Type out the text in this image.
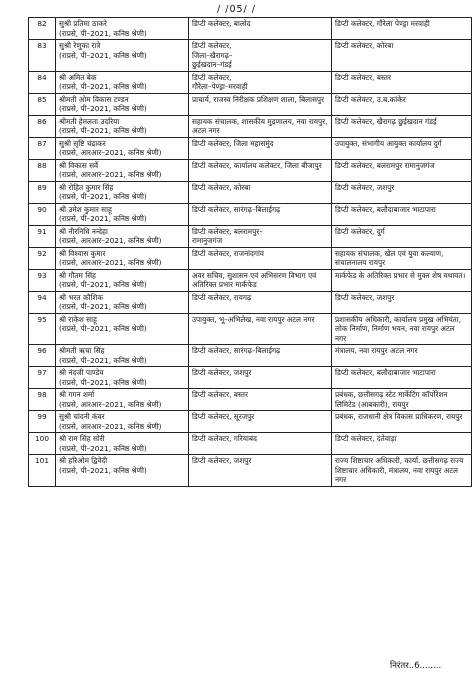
/ /05/ /
82	सुश्री प्रतिमा ठाकरे
(राप्रसे, पी–2021, कनिष्ठ श्रेणी)	डिप्टी कलेक्टर, बालोद	डिप्टी कलेक्टर, गौरेला पेण्ड्रा मरवाही
83	सुश्री रेणुका रात्रे
(राप्रसे, पी–2021, कनिष्ठ श्रेणी)	डिप्टी कलेक्टर,
जिला–खैरागढ़–
छुईखदान–गंडई	डिप्टी कलेक्टर, कोरबा
84	श्री अमित बेक
(राप्रसे, पी–2021, कनिष्ठ श्रेणी)	डिप्टी कलेक्टर,
गौरेला–पेण्ड्रा–मरवाही	डिप्टी कलेक्टर, बस्तर
85	श्रीमती ओम विकास टण्डन
(राप्रसे, पी–2021, कनिष्ठ श्रेणी)	प्राचार्य, राजस्व निरीक्षक प्रशिक्षण शाला, बिलासपुर	डिप्टी कलेक्टर, उ.ब.कांकेर
86	श्रीमती हेमलता उदरिया
(राप्रसे, पी–2021, कनिष्ठ श्रेणी)	सहायक संचालक, शासकीय मुद्रणालय, नवा रायपुर, अटल नगर	डिप्टी कलेक्टर, खैरागढ़ छुईखदान गंडई
87	सुश्री सृष्टि चंद्राकर
(राप्रसे, आरआर–2021, कनिष्ठ श्रेणी)	डिप्टी कलेक्टर, जिला महासमुंद	उपायुक्त, संभागीय आयुक्त कार्यालय दुर्ग
88	श्री विकास सर्वे
(राप्रसे, आरआर–2021, कनिष्ठ श्रेणी)	डिप्टी कलेक्टर, कार्यालय कलेक्टर, जिला बीजापुर	डिप्टी कलेक्टर, बलरामपुर रामानुजगंज
89	श्री रोहित कुमार सिंह
(राप्रसे, पी–2021, कनिष्ठ श्रेणी)	डिप्टी कलेक्टर, कोरबा	डिप्टी कलेक्टर, जशपुर
90	श्री उमेश कुमार साहू
(राप्रसे, पी–2021, कनिष्ठ श्रेणी)	डिप्टी कलेक्टर, सारंगढ़–बिलाईगढ़	डिप्टी कलेक्टर, बलौदाबाजार भाटापारा
91	श्री नीरनिधि नन्देहा
(राप्रसे, आरआर–2021, कनिष्ठ श्रेणी)	डिप्टी कलेक्टर, बलरामपुर–
रामानुजगंज	डिप्टी कलेक्टर, दुर्ग
92	श्री विश्वास कुमार
(राप्रसे, आरआर–2021, कनिष्ठ श्रेणी)	डिप्टी कलेक्टर, राजनांदगांव	सहायक संचालक, खेल एवं युवा कल्याण, संचालनालय रायपुर
93	श्री गौतम सिंह
(राप्रसे, पी–2021, कनिष्ठ श्रेणी)	अवर सचिव, सुशासन एवं अभिसरण विभाग एवं अतिरिक्त प्रभार मार्कफेड	मार्कफेड के अतिरिक्त प्रभार से मुक्त शेष यथावत।
94	श्री भरत कौशिक
(राप्रसे, पी–2021, कनिष्ठ श्रेणी)	डिप्टी कलेक्टर, रायगढ़	डिप्टी कलेक्टर, जशपुर
95	श्री राकेश साहू
(राप्रसे, पी–2021, कनिष्ठ श्रेणी)	उपायुक्त, भू–अभिलेख, नवा रायपुर अटल नगर	प्रशासकीय अधिकारी, कार्यालय प्रमुख अभियंता, लोक निर्माण, निर्माण भवन, नवा रायपुर अटल नगर
96	श्रीमती ऋचा सिंह
(राप्रसे, पी–2021, कनिष्ठ श्रेणी)	डिप्टी कलेक्टर, सारंगढ़–बिलाईगढ़	मंत्रालय, नवा रायपुर अटल नगर
97	श्री नंदजी पाण्डेय
(राप्रसे, पी–2021, कनिष्ठ श्रेणी)	डिप्टी कलेक्टर, जशपुर	डिप्टी कलेक्टर, बलौदाबाजार भाटापारा
98	श्री गगन शर्मा
(राप्रसे, आरआर–2021, कनिष्ठ श्रेणी)	डिप्टी कलेक्टर, बस्तर	प्रबंधक, छत्तीसगढ़ स्टेट मार्केटिंग कॉर्पोरेशन लिमिटेड (आबकारी), रायपुर
99	सुश्री चांदनी कंवर
(राप्रसे, आरआर–2021, कनिष्ठ श्रेणी)	डिप्टी कलेक्टर, सूरजपुर	प्रबंधक, राजधानी क्षेत्र विकास प्राधिकरण, रायपुर
100	श्री राम सिंह सोरी
(राप्रसे, पी–2021, कनिष्ठ श्रेणी)	डिप्टी कलेक्टर, गरियाबंद	डिप्टी कलेक्टर, दंतेवाड़ा
101	श्री हरिओम द्विवेदी
(राप्रसे, पी–2021, कनिष्ठ श्रेणी)	डिप्टी कलेक्टर, जशपुर	राज्य शिष्टाचार अधिकारी, कार्या. छत्तीसगढ़ राज्य शिष्टाचार अधिकारी, मंत्रालय, नवा रायपुर अटल नगर
निरंतर..6........
